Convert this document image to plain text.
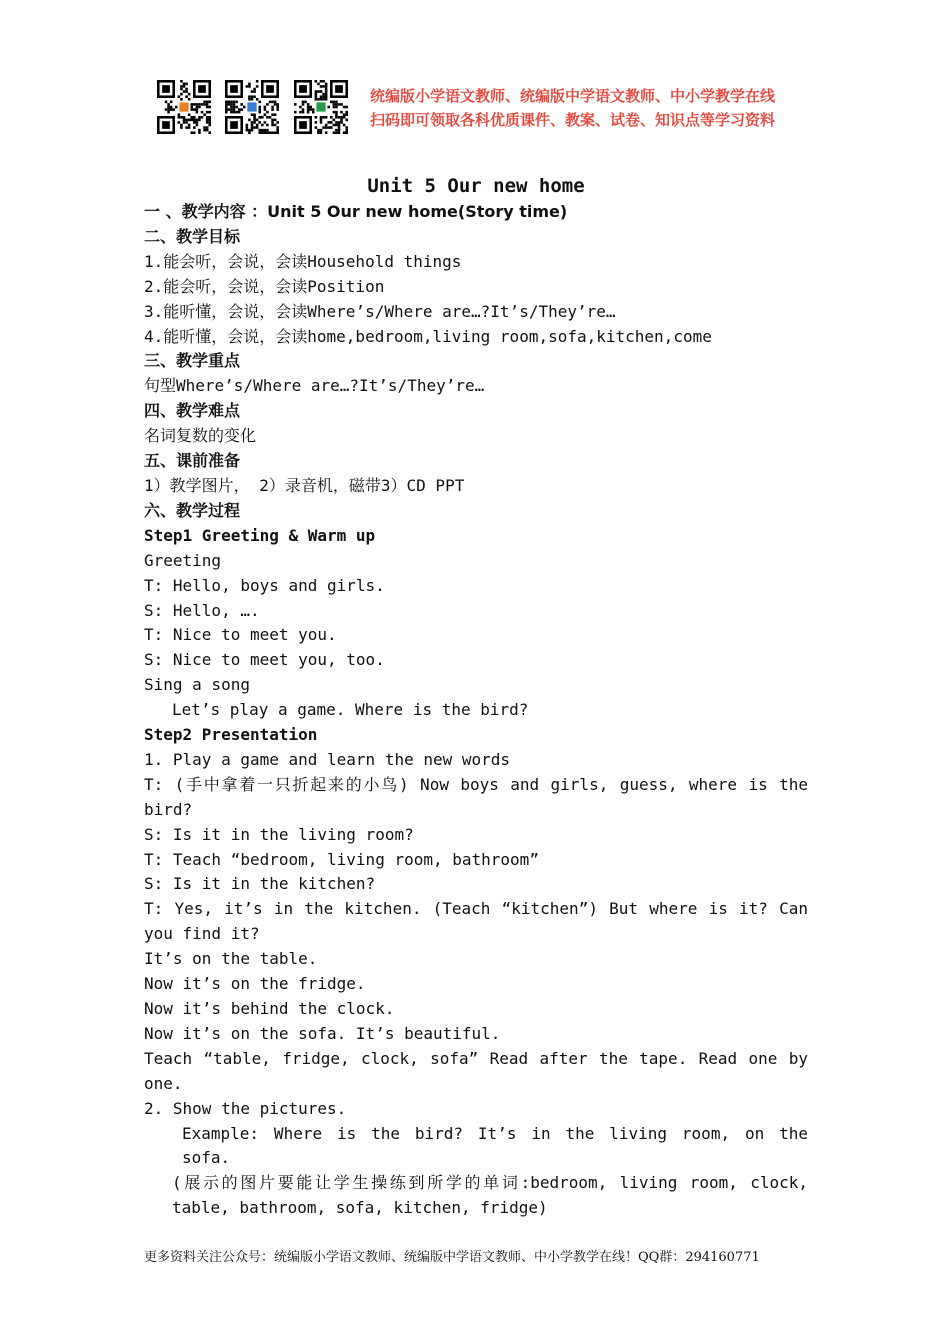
统编版小学语文教师、统编版中学语文教师、中小学教学在线
扫码即可领取各科优质课件、教案、试卷、知识点等学习资料
Unit 5 Our new home
一 、教学内容 ：Unit 5 Our new home(Story time)
二、教学目标
1.能会听，会说，会读Household things
2.能会听，会说，会读Position
3.能听懂，会说，会读Where’s/Where are…?It’s/They’re…
4.能听懂，会说，会读home,bedroom,living room,sofa,kitchen,come
三、教学重点
句型Where’s/Where are…?It’s/They’re…
四、教学难点
名词复数的变化
五、课前准备
1）教学图片， 2）录音机，磁带3）CD PPT
六、教学过程
Step1 Greeting & Warm up
Greeting
T: Hello, boys and girls.
S: Hello, ….
T: Nice to meet you.
S: Nice to meet you, too.
Sing a song
Let’s play a game. Where is the bird?
Step2 Presentation
1. Play a game and learn the new words
T: (手中拿着一只折起来的小鸟) Now boys and girls, guess, where is the bird?
S: Is it in the living room?
T: Teach “bedroom, living room, bathroom”
S: Is it in the kitchen?
T: Yes, it’s in the kitchen. (Teach “kitchen”) But where is it? Can you find it?
It’s on the table.
Now it’s on the fridge.
Now it’s behind the clock.
Now it’s on the sofa. It’s beautiful.
Teach “table, fridge, clock, sofa” Read after the tape. Read one by one.
2. Show the pictures.
Example: Where is the bird? It’s in the living room, on the sofa.
(展示的图片要能让学生操练到所学的单词:bedroom, living room, clock, table, bathroom, sofa, kitchen, fridge)
更多资料关注公众号：统编版小学语文教师、统编版中学语文教师、中小学教学在线！QQ群：294160771
